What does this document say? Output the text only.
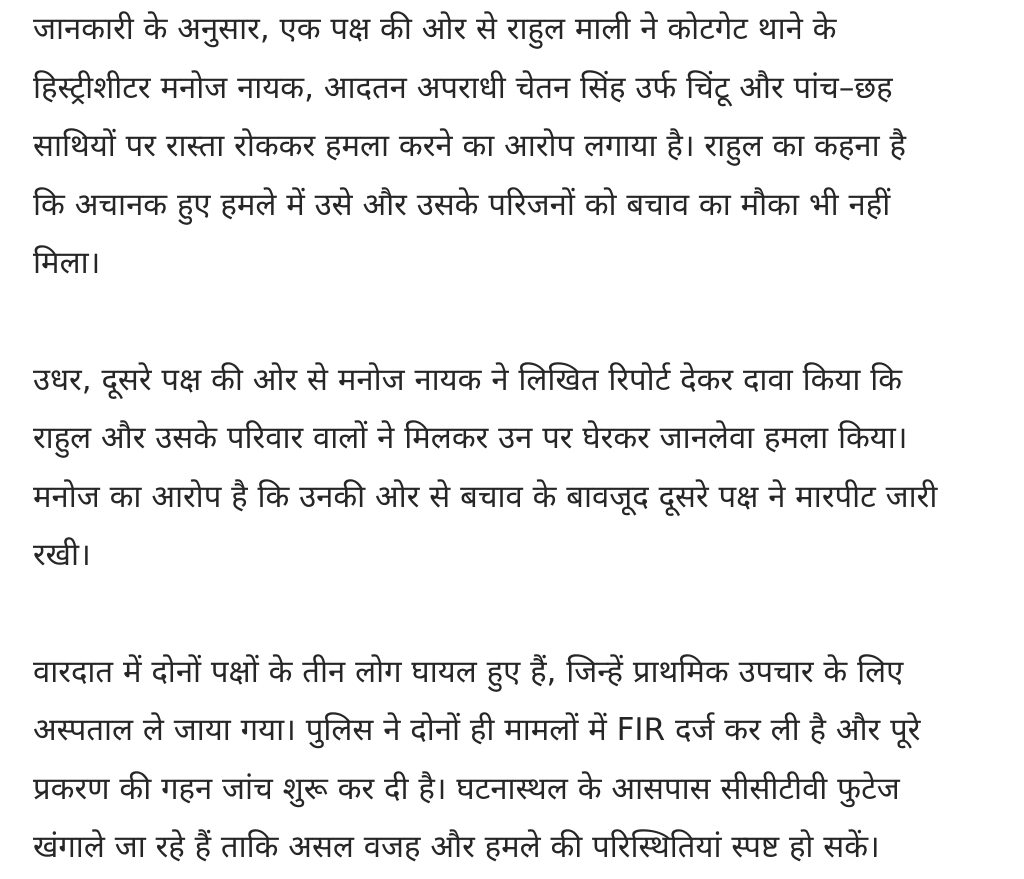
जानकारी के अनुसार, एक पक्ष की ओर से राहुल माली ने कोटगेट थाने के
हिस्ट्रीशीटर मनोज नायक, आदतन अपराधी चेतन सिंह उर्फ चिंटू और पांच–छह
साथियों पर रास्ता रोककर हमला करने का आरोप लगाया है। राहुल का कहना है
कि अचानक हुए हमले में उसे और उसके परिजनों को बचाव का मौका भी नहीं
मिला।

उधर, दूसरे पक्ष की ओर से मनोज नायक ने लिखित रिपोर्ट देकर दावा किया कि
राहुल और उसके परिवार वालों ने मिलकर उन पर घेरकर जानलेवा हमला किया।
मनोज का आरोप है कि उनकी ओर से बचाव के बावजूद दूसरे पक्ष ने मारपीट जारी
रखी।

वारदात में दोनों पक्षों के तीन लोग घायल हुए हैं, जिन्हें प्राथमिक उपचार के लिए
अस्पताल ले जाया गया। पुलिस ने दोनों ही मामलों में FIR दर्ज कर ली है और पूरे
प्रकरण की गहन जांच शुरू कर दी है। घटनास्थल के आसपास सीसीटीवी फुटेज
खंगाले जा रहे हैं ताकि असल वजह और हमले की परिस्थितियां स्पष्ट हो सकें।
